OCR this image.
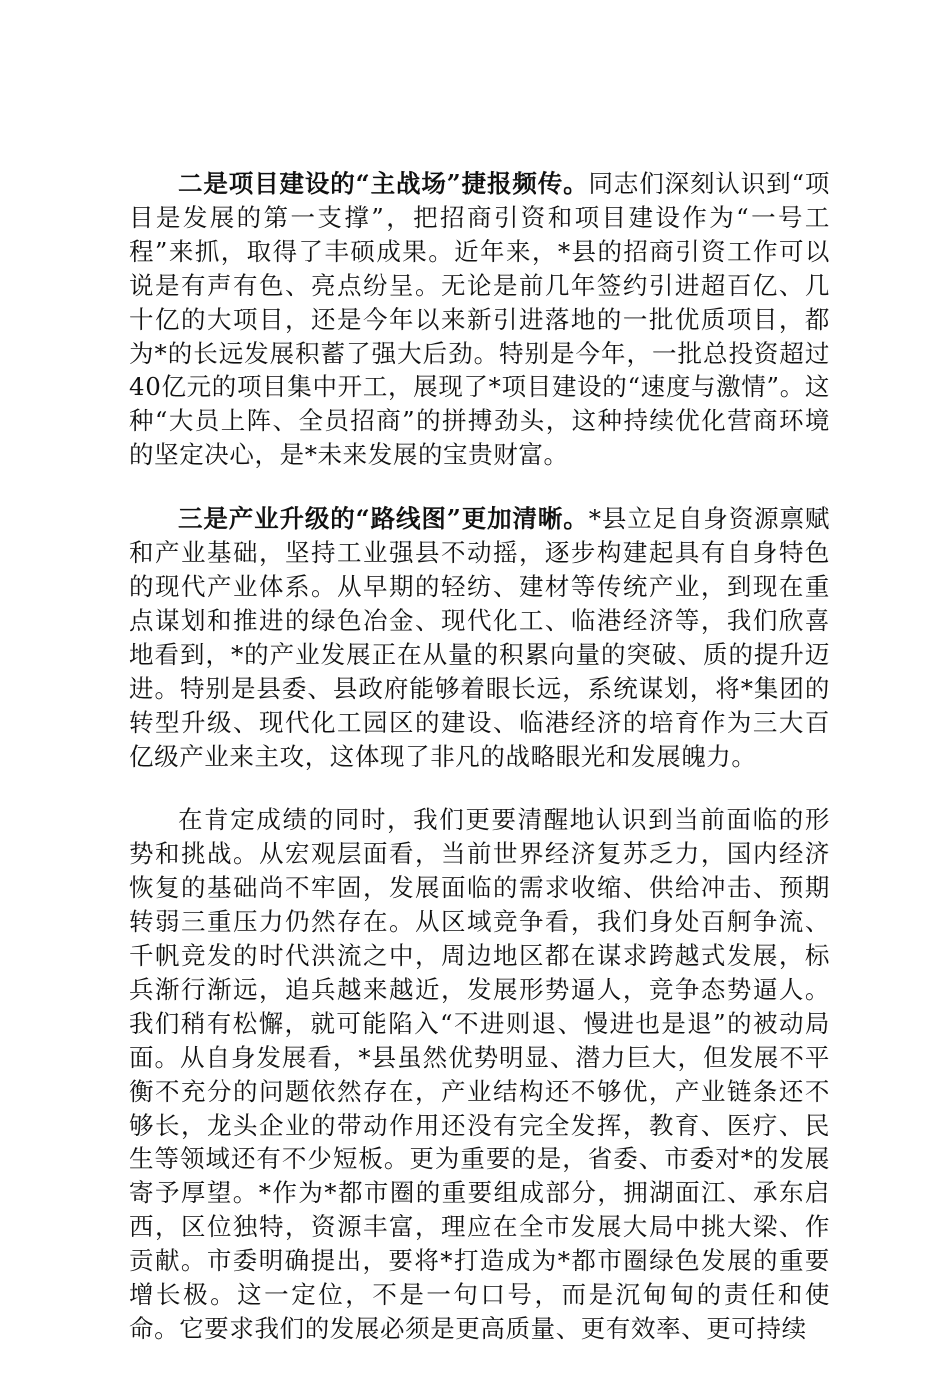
二是项目建设的“主战场”捷报频传。同志们深刻认识到“项目是发展的第一支撑”，把招商引资和项目建设作为“一号工程”来抓，取得了丰硕成果。近年来，*县的招商引资工作可以说是有声有色、亮点纷呈。无论是前几年签约引进超百亿、几十亿的大项目，还是今年以来新引进落地的一批优质项目，都为*的长远发展积蓄了强大后劲。特别是今年，一批总投资超过40亿元的项目集中开工，展现了*项目建设的“速度与激情”。这种“大员上阵、全员招商”的拼搏劲头，这种持续优化营商环境的坚定决心，是*未来发展的宝贵财富。

三是产业升级的“路线图”更加清晰。*县立足自身资源禀赋和产业基础，坚持工业强县不动摇，逐步构建起具有自身特色的现代产业体系。从早期的轻纺、建材等传统产业，到现在重点谋划和推进的绿色冶金、现代化工、临港经济等，我们欣喜地看到，*的产业发展正在从量的积累向量的突破、质的提升迈进。特别是县委、县政府能够着眼长远，系统谋划，将*集团的转型升级、现代化工园区的建设、临港经济的培育作为三大百亿级产业来主攻，这体现了非凡的战略眼光和发展魄力。

在肯定成绩的同时，我们更要清醒地认识到当前面临的形势和挑战。从宏观层面看，当前世界经济复苏乏力，国内经济恢复的基础尚不牢固，发展面临的需求收缩、供给冲击、预期转弱三重压力仍然存在。从区域竞争看，我们身处百舸争流、千帆竞发的时代洪流之中，周边地区都在谋求跨越式发展，标兵渐行渐远，追兵越来越近，发展形势逼人，竞争态势逼人。我们稍有松懈，就可能陷入“不进则退、慢进也是退”的被动局面。从自身发展看，*县虽然优势明显、潜力巨大，但发展不平衡不充分的问题依然存在，产业结构还不够优，产业链条还不够长，龙头企业的带动作用还没有完全发挥，教育、医疗、民生等领域还有不少短板。更为重要的是，省委、市委对*的发展寄予厚望。*作为*都市圈的重要组成部分，拥湖面江、承东启西，区位独特，资源丰富，理应在全市发展大局中挑大梁、作贡献。市委明确提出，要将*打造成为*都市圈绿色发展的重要增长极。这一定位，不是一句口号，而是沉甸甸的责任和使命。它要求我们的发展必须是更高质量、更有效率、更可持续
